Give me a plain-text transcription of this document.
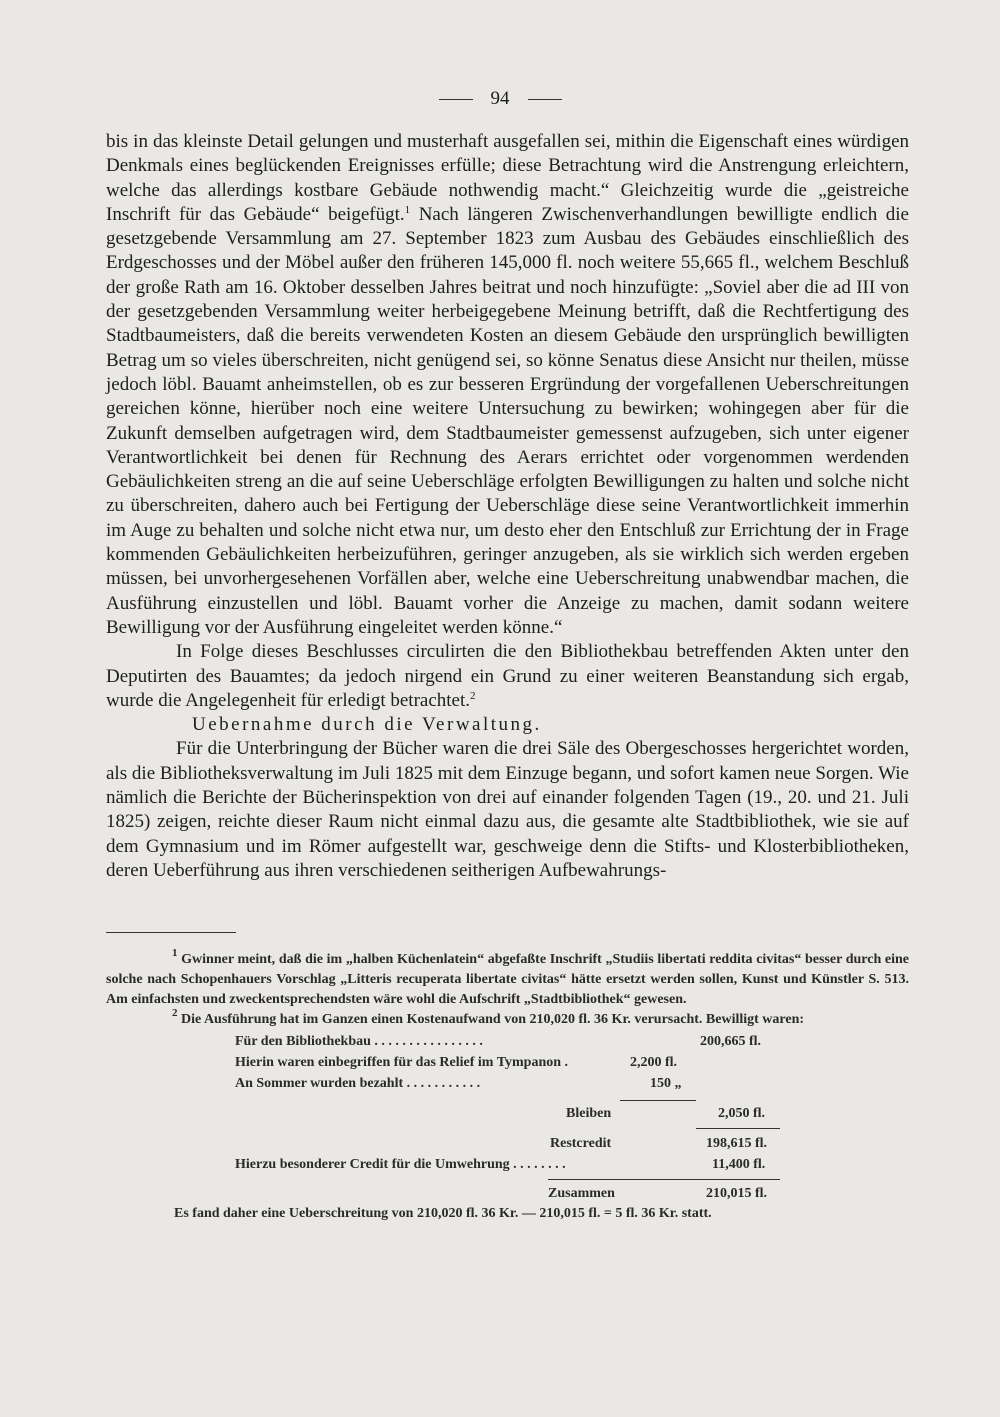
94

bis in das kleinste Detail gelungen und musterhaft ausgefallen sei, mithin die Eigenschaft eines würdigen Denkmals eines beglückenden Ereignisses erfülle; diese Betrachtung wird die Anstrengung erleichtern, welche das allerdings kostbare Gebäude nothwendig macht.“ Gleichzeitig wurde die „geistreiche Inschrift für das Gebäude“ beigefügt.$^1$ Nach längeren Zwischenverhandlungen bewilligte endlich die gesetzgebende Versammlung am 27. September 1823 zum Ausbau des Gebäudes einschließlich des Erdgeschosses und der Möbel außer den früheren 145,000 fl. noch weitere 55,665 fl., welchem Beschluß der große Rath am 16. Oktober desselben Jahres beitrat und noch hinzufügte: „Soviel aber die ad III von der gesetzgebenden Versammlung weiter herbeigegebene Meinung betrifft, daß die Rechtfertigung des Stadtbaumeisters, daß die bereits verwendeten Kosten an diesem Gebäude den ursprünglich bewilligten Betrag um so vieles überschreiten, nicht genügend sei, so könne Senatus diese Ansicht nur theilen, müsse jedoch löbl. Bauamt anheimstellen, ob es zur besseren Ergründung der vorgefallenen Ueberschreitungen gereichen könne, hierüber noch eine weitere Untersuchung zu bewirken; wohingegen aber für die Zukunft demselben aufgetragen wird, dem Stadtbaumeister gemessenst aufzugeben, sich unter eigener Verantwortlichkeit bei denen für Rechnung des Aerars errichtet oder vorgenommen werdenden Gebäulichkeiten streng an die auf seine Ueberschläge erfolgten Bewilligungen zu halten und solche nicht zu überschreiten, dahero auch bei Fertigung der Ueberschläge diese seine Verantwortlichkeit immerhin im Auge zu behalten und solche nicht etwa nur, um desto eher den Entschluß zur Errichtung der in Frage kommenden Gebäulichkeiten herbeizuführen, geringer anzugeben, als sie wirklich sich werden ergeben müssen, bei unvorhergesehenen Vorfällen aber, welche eine Ueberschreitung unabwendbar machen, die Ausführung einzustellen und löbl. Bauamt vorher die Anzeige zu machen, damit sodann weitere Bewilligung vor der Ausführung eingeleitet werden könne.“

In Folge dieses Beschlusses circulirten die den Bibliothekbau betreffenden Akten unter den Deputirten des Bauamtes; da jedoch nirgend ein Grund zu einer weiteren Beanstandung sich ergab, wurde die Angelegenheit für erledigt betrachtet.$^2$

Uebernahme durch die Verwaltung.

Für die Unterbringung der Bücher waren die drei Säle des Obergeschosses hergerichtet worden, als die Bibliotheksverwaltung im Juli 1825 mit dem Einzuge begann, und sofort kamen neue Sorgen. Wie nämlich die Berichte der Bücherinspektion von drei auf einander folgenden Tagen (19., 20. und 21. Juli 1825) zeigen, reichte dieser Raum nicht einmal dazu aus, die gesamte alte Stadtbibliothek, wie sie auf dem Gymnasium und im Römer aufgestellt war, geschweige denn die Stifts- und Klosterbibliotheken, deren Ueberführung aus ihren verschiedenen seitherigen Aufbewahrungs-

$^1$ Gwinner meint, daß die im „halben Küchenlatein“ abgefaßte Inschrift „Studiis libertati reddita civitas“ besser durch eine solche nach Schopenhauers Vorschlag „Litteris recuperata libertate civitas“ hätte ersetzt werden sollen, Kunst und Künstler S. 513. Am einfachsten und zweckentsprechendsten wäre wohl die Aufschrift „Stadtbibliothek“ gewesen.

$^2$ Die Ausführung hat im Ganzen einen Kostenaufwand von 210,020 fl. 36 Kr. verursacht. Bewilligt waren:

Für den Bibliothekbau . . . . . . . . . . . . . . . .	200,665 fl.
Hierin waren einbegriffen für das Relief im Tympanon .	2,200 fl.
An Sommer wurden bezahlt . . . . . . . . . . .	150 „
Bleiben	2,050 fl.
Restcredit	198,615 fl.
Hierzu besonderer Credit für die Umwehrung . . . . . . . .	11,400 fl.
Zusammen	210,015 fl.
Es fand daher eine Ueberschreitung von 210,020 fl. 36 Kr. — 210,015 fl. = 5 fl. 36 Kr. statt.
